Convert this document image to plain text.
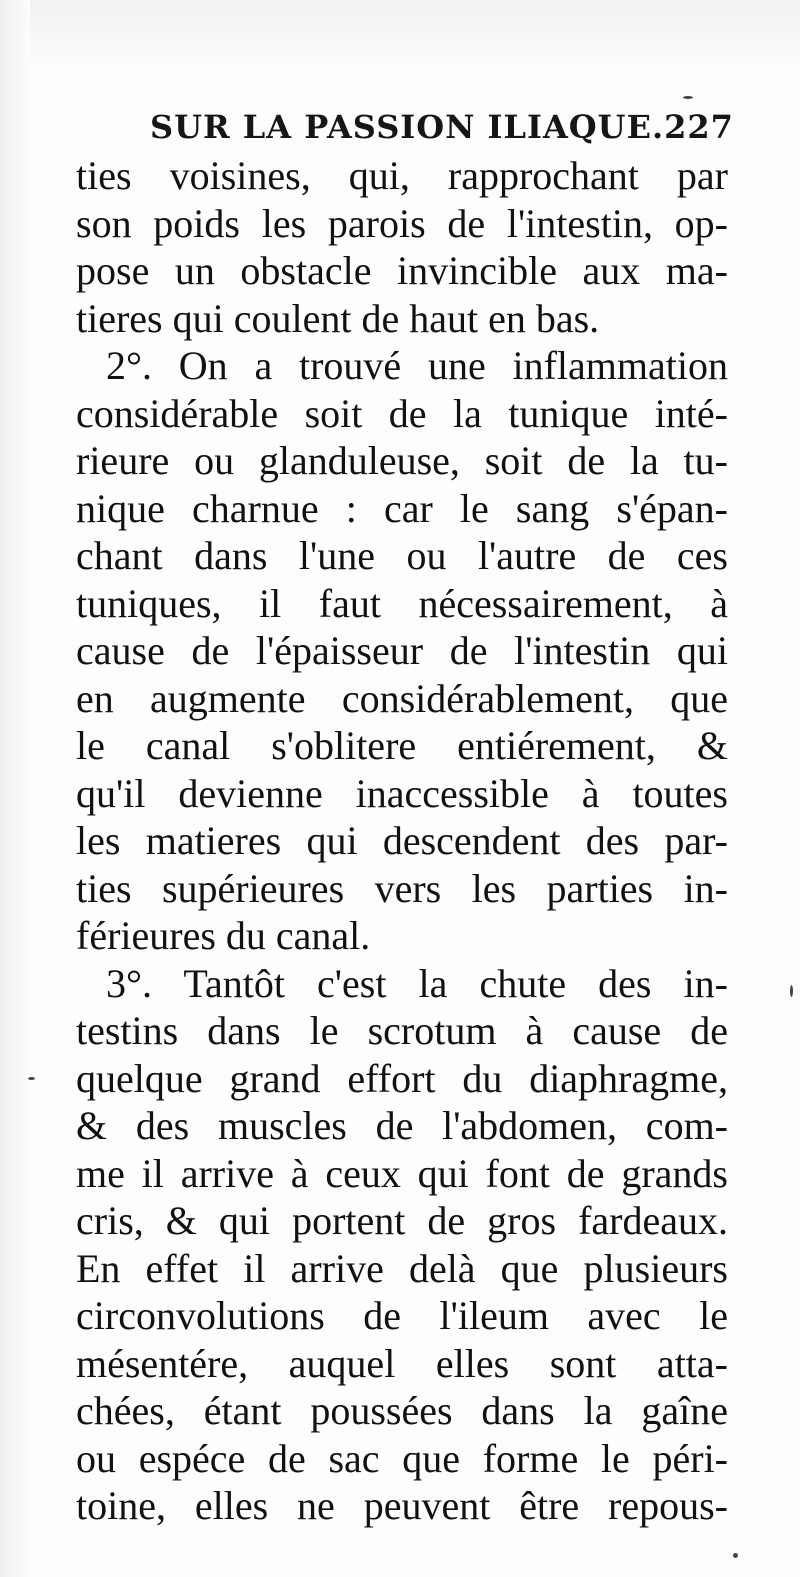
SUR LA PASSION ILIAQUE. 227
ties voisines, qui, rapprochant par
son poids les parois de l'intestin, op-
pose un obstacle invincible aux ma-
tieres qui coulent de haut en bas.
2°. On a trouvé une inflammation
considérable soit de la tunique inté-
rieure ou glanduleuse, soit de la tu-
nique charnue : car le sang s'épan-
chant dans l'une ou l'autre de ces
tuniques, il faut nécessairement, à
cause de l'épaisseur de l'intestin qui
en augmente considérablement, que
le canal s'oblitere entiérement, &
qu'il devienne inaccessible à toutes
les matieres qui descendent des par-
ties supérieures vers les parties in-
férieures du canal.
3°. Tantôt c'est la chute des in-
testins dans le scrotum à cause de
quelque grand effort du diaphragme,
& des muscles de l'abdomen, com-
me il arrive à ceux qui font de grands
cris, & qui portent de gros fardeaux.
En effet il arrive delà que plusieurs
circonvolutions de l'ileum avec le
mésentére, auquel elles sont atta-
chées, étant poussées dans la gaîne
ou espéce de sac que forme le péri-
toine, elles ne peuvent être repous-
